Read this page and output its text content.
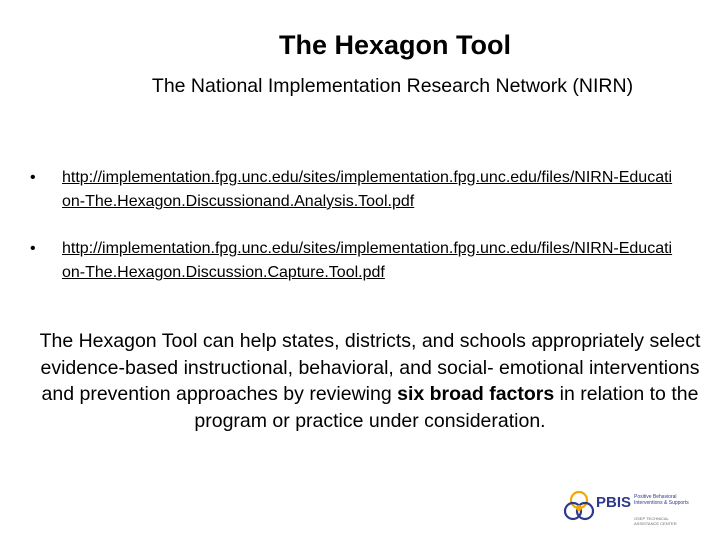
The Hexagon Tool
The National Implementation Research Network (NIRN)
• http://implementation.fpg.unc.edu/sites/implementation.fpg.unc.edu/files/NIRN-Education-The.Hexagon.Discussionand.Analysis.Tool.pdf
• http://implementation.fpg.unc.edu/sites/implementation.fpg.unc.edu/files/NIRN-Education-The.Hexagon.Discussion.Capture.Tool.pdf

The Hexagon Tool can help states, districts, and schools appropriately select evidence-based instructional, behavioral, and social- emotional interventions and prevention approaches by reviewing six broad factors in relation to the program or practice under consideration.

PBIS Positive Behavioral Interventions & Supports
OSEP TECHNICAL ASSISTANCE CENTER
